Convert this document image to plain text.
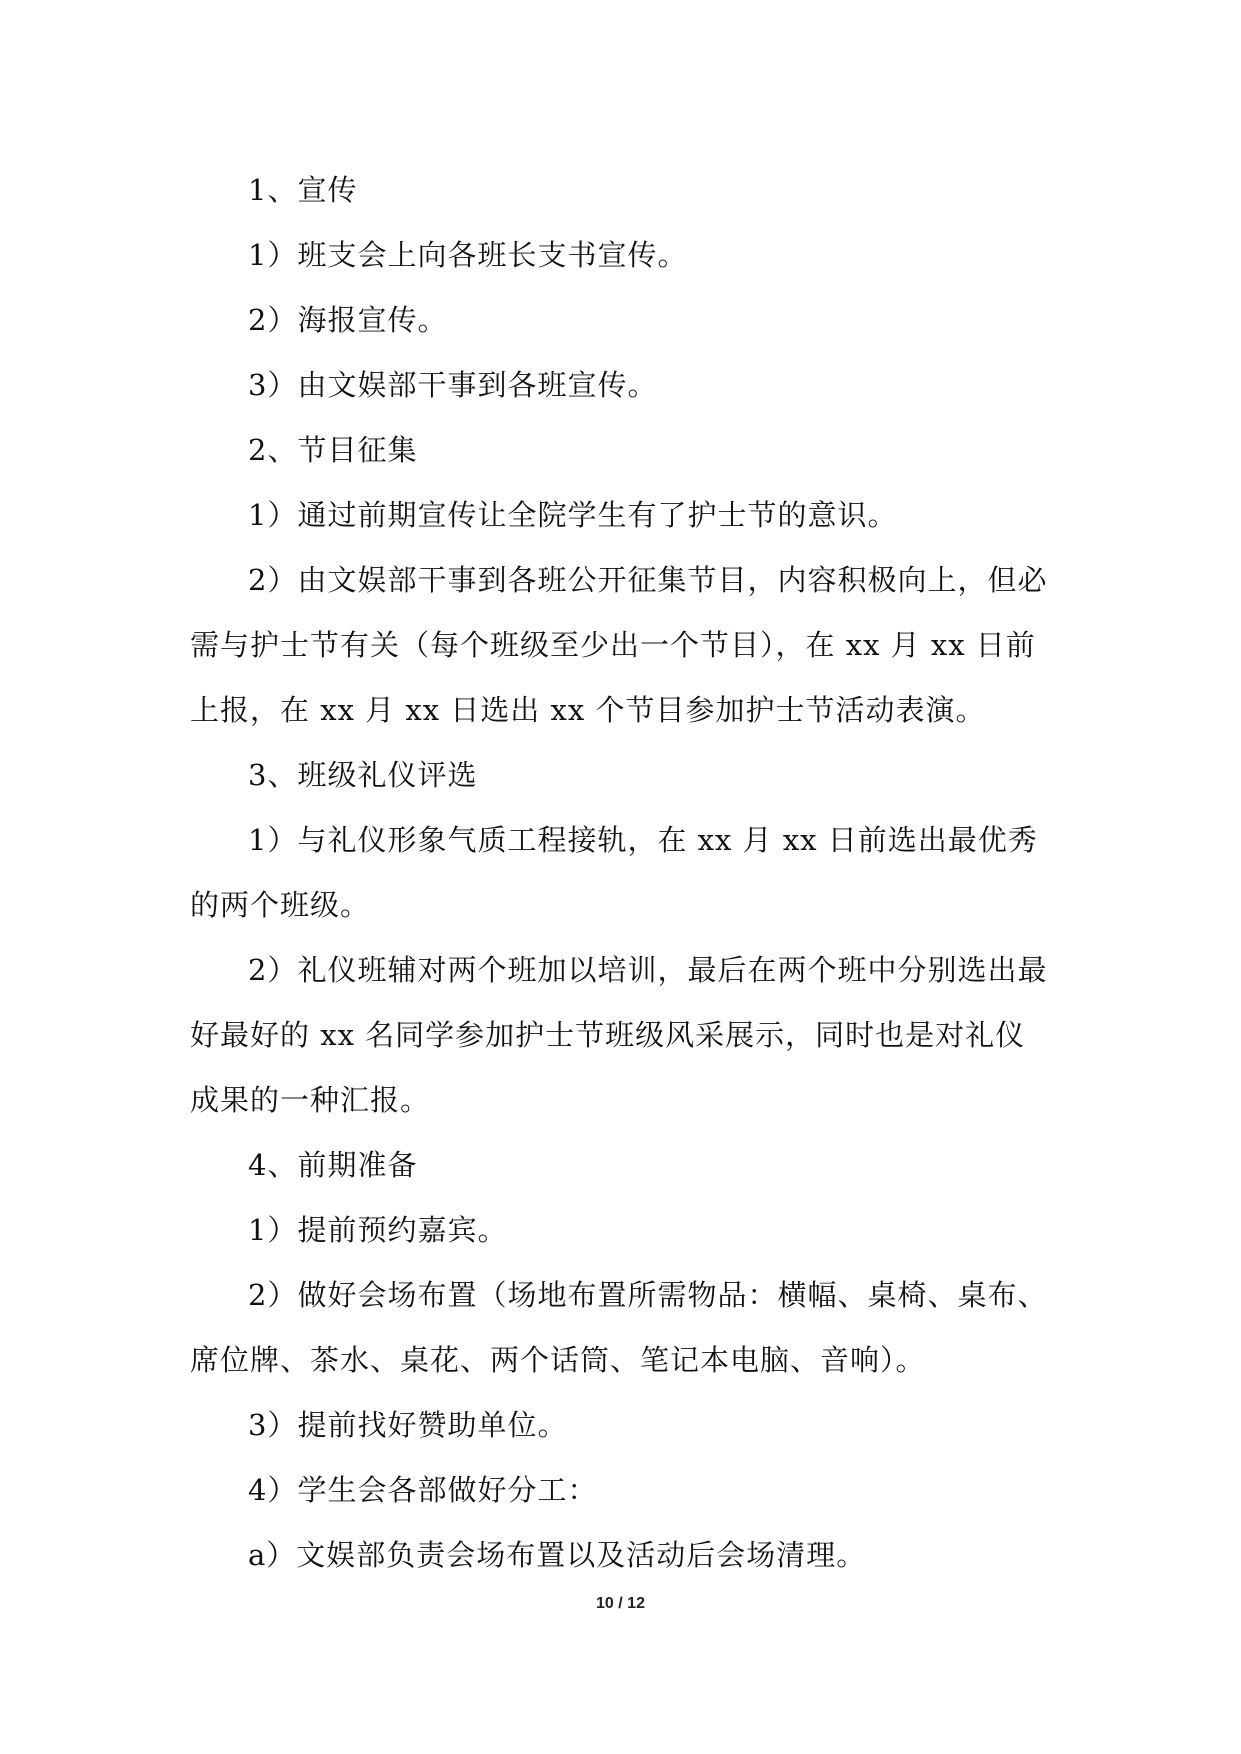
1、宣传

1）班支会上向各班长支书宣传。

2）海报宣传。

3）由文娱部干事到各班宣传。

2、节目征集

1）通过前期宣传让全院学生有了护士节的意识。

2）由文娱部干事到各班公开征集节目，内容积极向上，但必需与护士节有关（每个班级至少出一个节目），在 xx 月 xx 日前上报，在 xx 月 xx 日选出 xx 个节目参加护士节活动表演。

3、班级礼仪评选

1）与礼仪形象气质工程接轨，在 xx 月 xx 日前选出最优秀的两个班级。

2）礼仪班辅对两个班加以培训，最后在两个班中分别选出最好最好的 xx 名同学参加护士节班级风采展示，同时也是对礼仪成果的一种汇报。

4、前期准备

1）提前预约嘉宾。

2）做好会场布置（场地布置所需物品：横幅、桌椅、桌布、席位牌、茶水、桌花、两个话筒、笔记本电脑、音响）。

3）提前找好赞助单位。

4）学生会各部做好分工：

a）文娱部负责会场布置以及活动后会场清理。

10 / 12
